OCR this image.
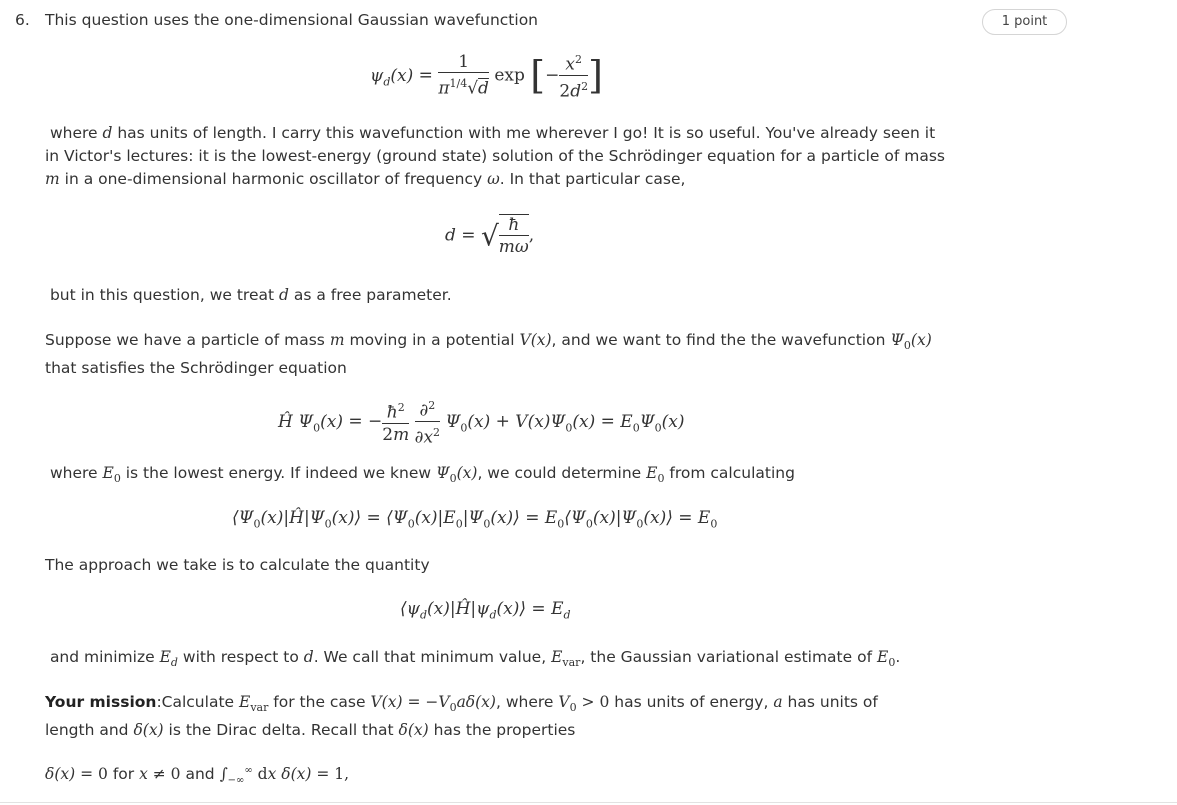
6. This question uses the one-dimensional Gaussian wavefunction	1 point
$\psi_d(x) = \frac{1}{\pi^{1/4}√d}$ exp [− $\frac{x^2}{2d^2}$ ]
where d has units of length. I carry this wavefunction with me wherever I go! It is so useful. You've already seen it in Victor's lectures: it is the lowest-energy (ground state) solution of the Schrödinger equation for a particle of mass m in a one-dimensional harmonic oscillator of frequency ω. In that particular case,
d = √ $\frac{ħ}{m\omega}$ ,
but in this question, we treat d as a free parameter.
Suppose we have a particle of mass m moving in a potential V(x), and we want to find the the wavefunction $\Psi_0(x)$ that satisfies the Schrödinger equation
Ĥ $\Psi_0(x)$ = − $\frac{ħ^2}{2m}$
$\frac{\partial^2}{\partial x^2} \Psi_0(x) + V(x)\Psi_0(x) = E_0\Psi_0(x)$
where $E_0$ is the lowest energy. If indeed we knew $\Psi_0(x)$, we could determine $E_0$ from calculating
$⟨\Psi_0(x)|Ĥ|\Psi_0(x)⟩$ = $⟨\Psi_0(x)|E_0|\Psi_0(x)⟩$ = $E_0⟨\Psi_0(x)|\Psi_0(x)⟩ = E_0$
The approach we take is to calculate the quantity
$⟨\psi_d(x)|Ĥ|\psi_d(x)⟩ = E_d$
and minimize $E_d$ with respect to d. We call that minimum value, $E_{var}$, the Gaussian variational estimate of $E_0$.
Your mission:Calculate $E_{var}$ for the case $V(x) = -V_0a\delta(x)$, where $V_0 > 0$ has units of energy, a has units of length and δ(x) is the Dirac delta. Recall that δ(x) has the properties
δ(x) = 0 for x ≠ 0 and $\int_{-\infty}^\infty$ dx δ(x) = 1,
